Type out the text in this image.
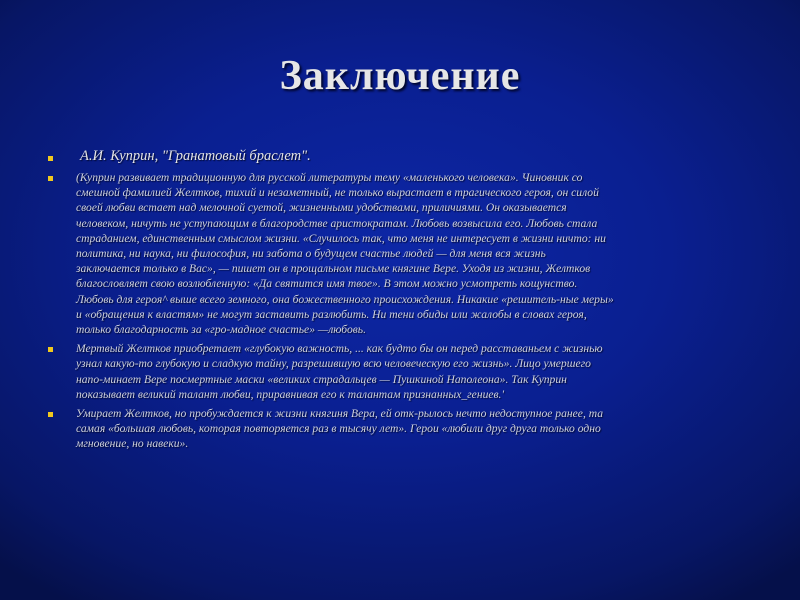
Заключение
А.И. Куприн, "Гранатовый браслет".
(Куприн развивает традиционную для русской литературы тему «маленького человека». Чиновник со
смешной фамилией Желтков, тихий и незаметный, не только вырастает в трагического героя, он силой
своей любви встает над мелочной суетой, жизненными удобствами, приличиями. Он оказывается
человеком, ничуть не уступающим в благородстве аристократам. Любовь возвысила его. Любовь стала
страданием, единственным смыслом жизни. «Случилось так, что меня не интересует в жизни ничто: ни
политика, ни наука, ни философия, ни забота о будущем счастье людей — для меня вся жизнь
заключается только в Вас», — пишет он в прощальном письме княгине Вере. Уходя из жизни, Желтков
благословляет свою возлюбленную: «Да святится имя твое». В этом можно усмотреть кощунство.
Любовь для героя^ выше всего земного, она божественного происхождения. Никакие «решитель-ные меры»
и «обращения к властям» не могут заставить разлюбить. Ни тени обиды или жалобы в словах героя,
только благодарность за «гро-мадное счастье» —любовь.
Мертвый Желтков приобретает «глубокую важность, ... как будто бы он перед расставаньем с жизнью
узнал какую-то глубокую и сладкую тайну, разрешившую всю человеческую его жизнь». Лицо умершего
напо-минает Вере посмертные маски «великих страдальцев — Пушкиной Наполеона». Так Куприн
показывает великий талант любви, приравнивая его к талантам признанных_гениев.'
Умирает Желтков, но пробуждается к жизни княгиня Вера, ей отк-рылось нечто недоступное ранее, та
самая «большая любовь, которая повторяется раз в тысячу лет». Герои «любили друг друга только одно
мгновение, но навеки».
